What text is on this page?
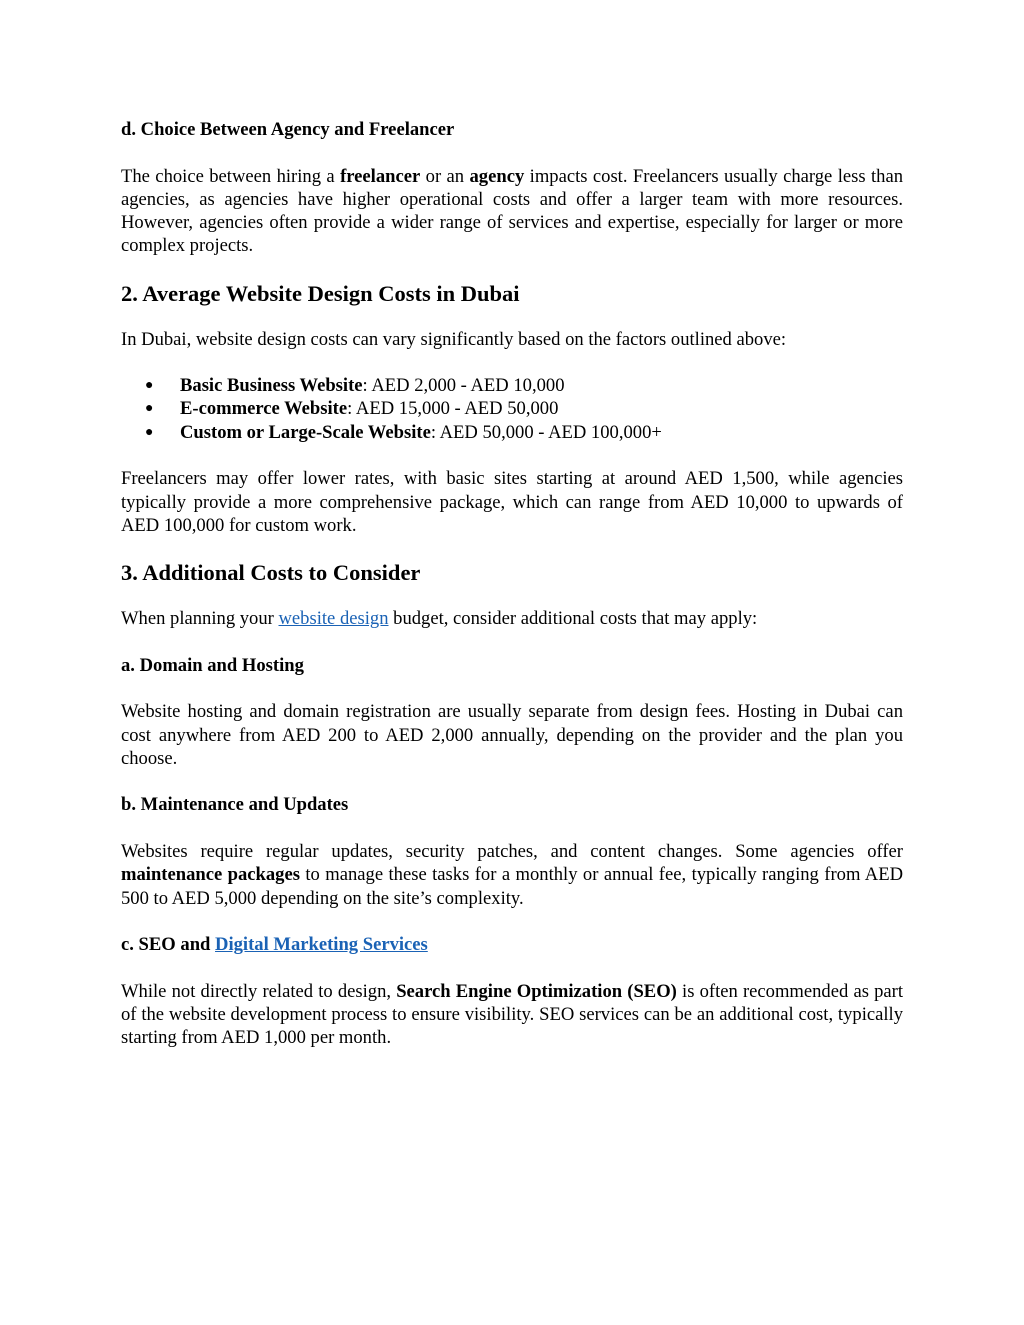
d. Choice Between Agency and Freelancer

The choice between hiring a freelancer or an agency impacts cost. Freelancers usually charge less than agencies, as agencies have higher operational costs and offer a larger team with more resources. However, agencies often provide a wider range of services and expertise, especially for larger or more complex projects.

2. Average Website Design Costs in Dubai

In Dubai, website design costs can vary significantly based on the factors outlined above:

● Basic Business Website: AED 2,000 - AED 10,000
● E-commerce Website: AED 15,000 - AED 50,000
● Custom or Large-Scale Website: AED 50,000 - AED 100,000+

Freelancers may offer lower rates, with basic sites starting at around AED 1,500, while agencies typically provide a more comprehensive package, which can range from AED 10,000 to upwards of AED 100,000 for custom work.

3. Additional Costs to Consider

When planning your website design budget, consider additional costs that may apply:

a. Domain and Hosting

Website hosting and domain registration are usually separate from design fees. Hosting in Dubai can cost anywhere from AED 200 to AED 2,000 annually, depending on the provider and the plan you choose.

b. Maintenance and Updates

Websites require regular updates, security patches, and content changes. Some agencies offer maintenance packages to manage these tasks for a monthly or annual fee, typically ranging from AED 500 to AED 5,000 depending on the site’s complexity.

c. SEO and Digital Marketing Services

While not directly related to design, Search Engine Optimization (SEO) is often recommended as part of the website development process to ensure visibility. SEO services can be an additional cost, typically starting from AED 1,000 per month.
